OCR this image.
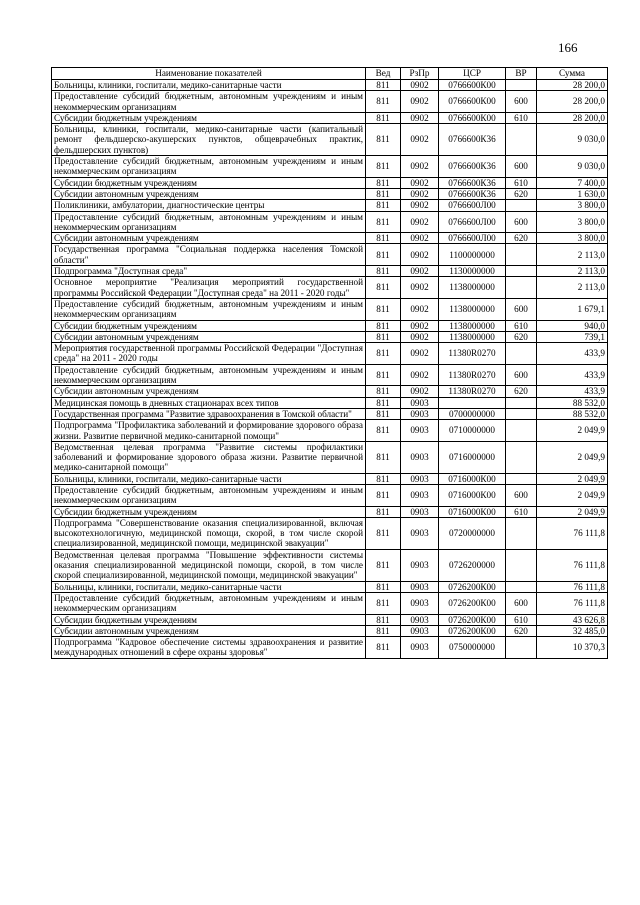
166
Наименование показателей	Вед	РзПр	ЦСР	ВР	Сумма
Больницы, клиники, госпитали, медико-санитарные части	811	0902	0766600К00		28 200,0
Предоставление субсидий бюджетным, автономным учреждениям и иным некоммерческим организациям	811	0902	0766600К00	600	28 200,0
Субсидии бюджетным учреждениям	811	0902	0766600К00	610	28 200,0
Больницы, клиники, госпитали, медико-санитарные части (капитальный ремонт фельдшерско-акушерских пунктов, общеврачебных практик, фельдшерских пунктов)	811	0902	0766600К36		9 030,0
Предоставление субсидий бюджетным, автономным учреждениям и иным некоммерческим организациям	811	0902	0766600К36	600	9 030,0
Субсидии бюджетным учреждениям	811	0902	0766600К36	610	7 400,0
Субсидии автономным учреждениям	811	0902	0766600К36	620	1 630,0
Поликлиники, амбулатории, диагностические центры	811	0902	0766600Л00		3 800,0
Предоставление субсидий бюджетным, автономным учреждениям и иным некоммерческим организациям	811	0902	0766600Л00	600	3 800,0
Субсидии автономным учреждениям	811	0902	0766600Л00	620	3 800,0
Государственная программа "Социальная поддержка населения Томской области"	811	0902	1100000000		2 113,0
Подпрограмма "Доступная среда"	811	0902	1130000000		2 113,0
Основное мероприятие "Реализация мероприятий государственной программы Российской Федерации "Доступная среда" на 2011 - 2020 годы"	811	0902	1138000000		2 113,0
Предоставление субсидий бюджетным, автономным учреждениям и иным некоммерческим организациям	811	0902	1138000000	600	1 679,1
Субсидии бюджетным учреждениям	811	0902	1138000000	610	940,0
Субсидии автономным учреждениям	811	0902	1138000000	620	739,1
Мероприятия государственной программы Российской Федерации "Доступная среда" на 2011 - 2020 годы	811	0902	11380R0270		433,9
Предоставление субсидий бюджетным, автономным учреждениям и иным некоммерческим организациям	811	0902	11380R0270	600	433,9
Субсидии автономным учреждениям	811	0902	11380R0270	620	433,9
Медицинская помощь в дневных стационарах всех типов	811	0903			88 532,0
Государственная программа "Развитие здравоохранения в Томской области"	811	0903	0700000000		88 532,0
Подпрограмма "Профилактика заболеваний и формирование здорового образа жизни. Развитие первичной медико-санитарной помощи"	811	0903	0710000000		2 049,9
Ведомственная целевая программа "Развитие системы профилактики заболеваний и формирование здорового образа жизни. Развитие первичной медико-санитарной помощи"	811	0903	0716000000		2 049,9
Больницы, клиники, госпитали, медико-санитарные части	811	0903	0716000К00		2 049,9
Предоставление субсидий бюджетным, автономным учреждениям и иным некоммерческим организациям	811	0903	0716000К00	600	2 049,9
Субсидии бюджетным учреждениям	811	0903	0716000К00	610	2 049,9
Подпрограмма "Совершенствование оказания специализированной, включая высокотехнологичную, медицинской помощи, скорой, в том числе скорой специализированной, медицинской помощи, медицинской эвакуации"	811	0903	0720000000		76 111,8
Ведомственная целевая программа "Повышение эффективности системы оказания специализированной медицинской помощи, скорой, в том числе скорой специализированной, медицинской помощи, медицинской эвакуации"	811	0903	0726200000		76 111,8
Больницы, клиники, госпитали, медико-санитарные части	811	0903	0726200К00		76 111,8
Предоставление субсидий бюджетным, автономным учреждениям и иным некоммерческим организациям	811	0903	0726200К00	600	76 111,8
Субсидии бюджетным учреждениям	811	0903	0726200К00	610	43 626,8
Субсидии автономным учреждениям	811	0903	0726200К00	620	32 485,0
Подпрограмма "Кадровое обеспечение системы здравоохранения и развитие международных отношений в сфере охраны здоровья"	811	0903	0750000000		10 370,3
